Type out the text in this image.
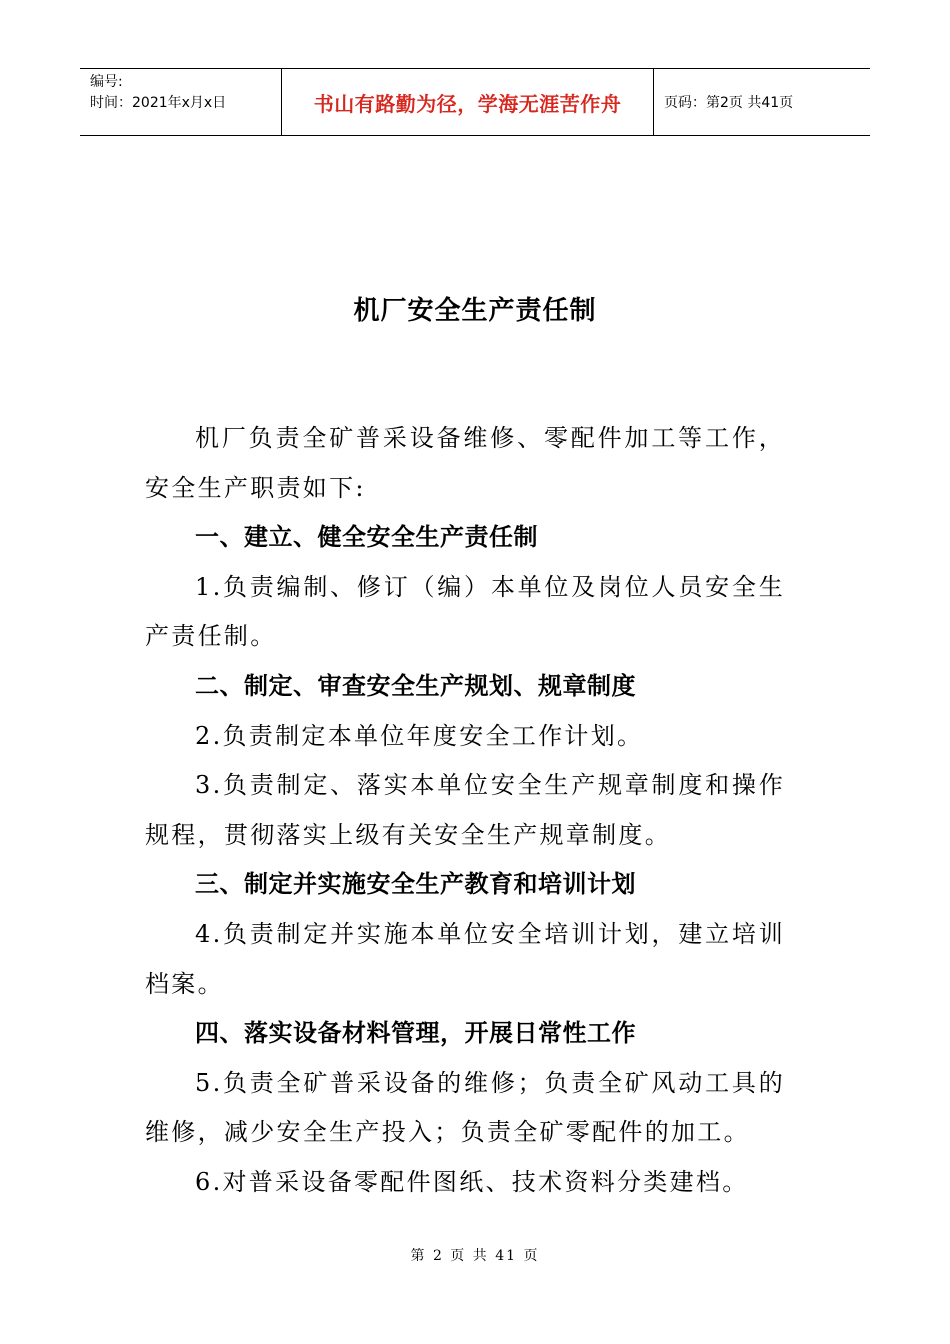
编号:
时间：2021年x月x日	书山有路勤为径，学海无涯苦作舟	页码：第2页 共41页
机厂安全生产责任制

机厂负责全矿普采设备维修、零配件加工等工作，安全生产职责如下:

一、建立、健全安全生产责任制

1.负责编制、修订（编）本单位及岗位人员安全生产责任制。

二、制定、审查安全生产规划、规章制度

2.负责制定本单位年度安全工作计划。

3.负责制定、落实本单位安全生产规章制度和操作规程，贯彻落实上级有关安全生产规章制度。

三、制定并实施安全生产教育和培训计划

4.负责制定并实施本单位安全培训计划，建立培训档案。

四、落实设备材料管理，开展日常性工作

5.负责全矿普采设备的维修；负责全矿风动工具的维修，减少安全生产投入；负责全矿零配件的加工。

6.对普采设备零配件图纸、技术资料分类建档。

第 2 页 共 41 页
